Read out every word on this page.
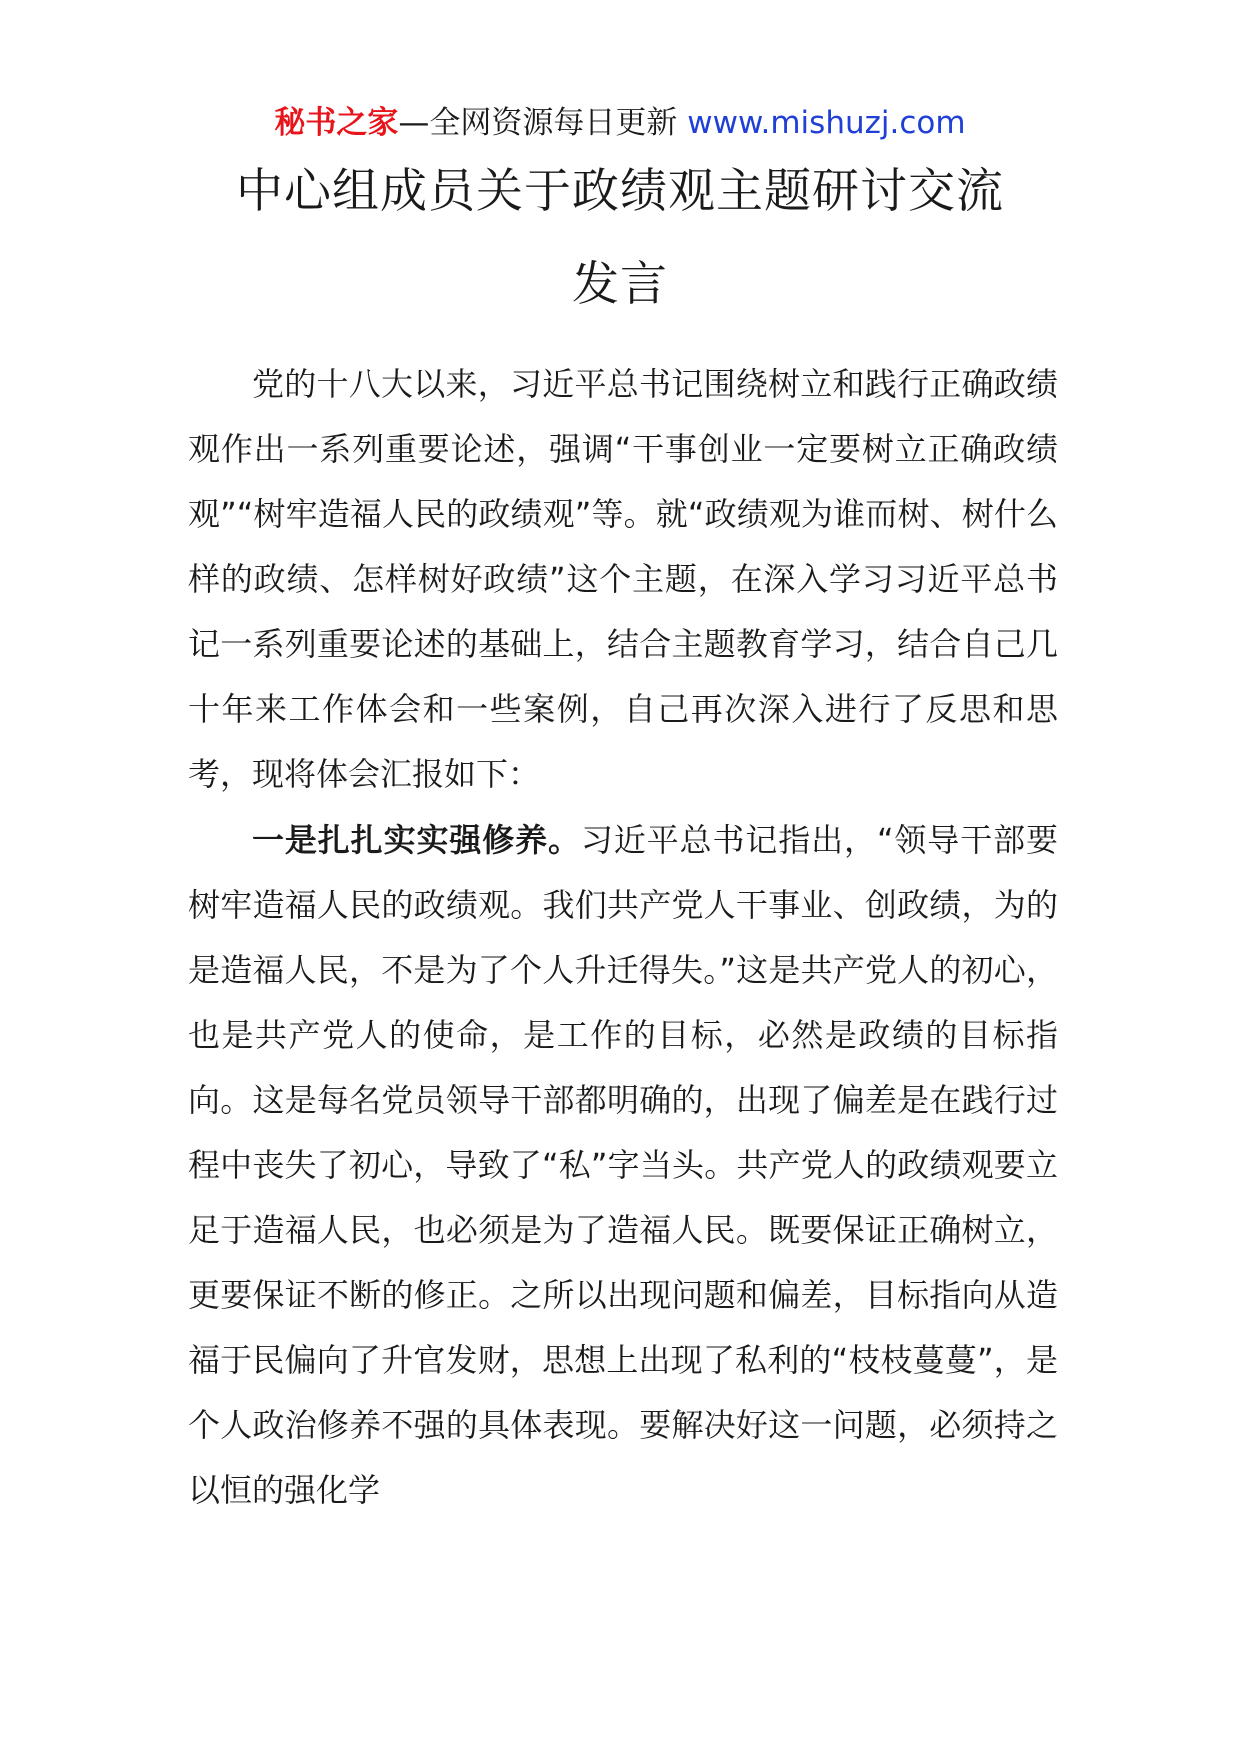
秘书之家—全网资源每日更新 www.mishuzj.com
中心组成员关于政绩观主题研讨交流
发言

党的十八大以来，习近平总书记围绕树立和践行正确政绩观作出一系列重要论述，强调“干事创业一定要树立正确政绩观”“树牢造福人民的政绩观”等。就“政绩观为谁而树、树什么样的政绩、怎样树好政绩”这个主题，在深入学习习近平总书记一系列重要论述的基础上，结合主题教育学习，结合自己几十年来工作体会和一些案例，自己再次深入进行了反思和思考，现将体会汇报如下：

一是扎扎实实强修养。习近平总书记指出，“领导干部要树牢造福人民的政绩观。我们共产党人干事业、创政绩，为的是造福人民，不是为了个人升迁得失。”这是共产党人的初心，也是共产党人的使命，是工作的目标，必然是政绩的目标指向。这是每名党员领导干部都明确的，出现了偏差是在践行过程中丧失了初心，导致了“私”字当头。共产党人的政绩观要立足于造福人民，也必须是为了造福人民。既要保证正确树立，更要保证不断的修正。之所以出现问题和偏差，目标指向从造福于民偏向了升官发财，思想上出现了私利的“枝枝蔓蔓”，是个人政治修养不强的具体表现。要解决好这一问题，必须持之以恒的强化学
